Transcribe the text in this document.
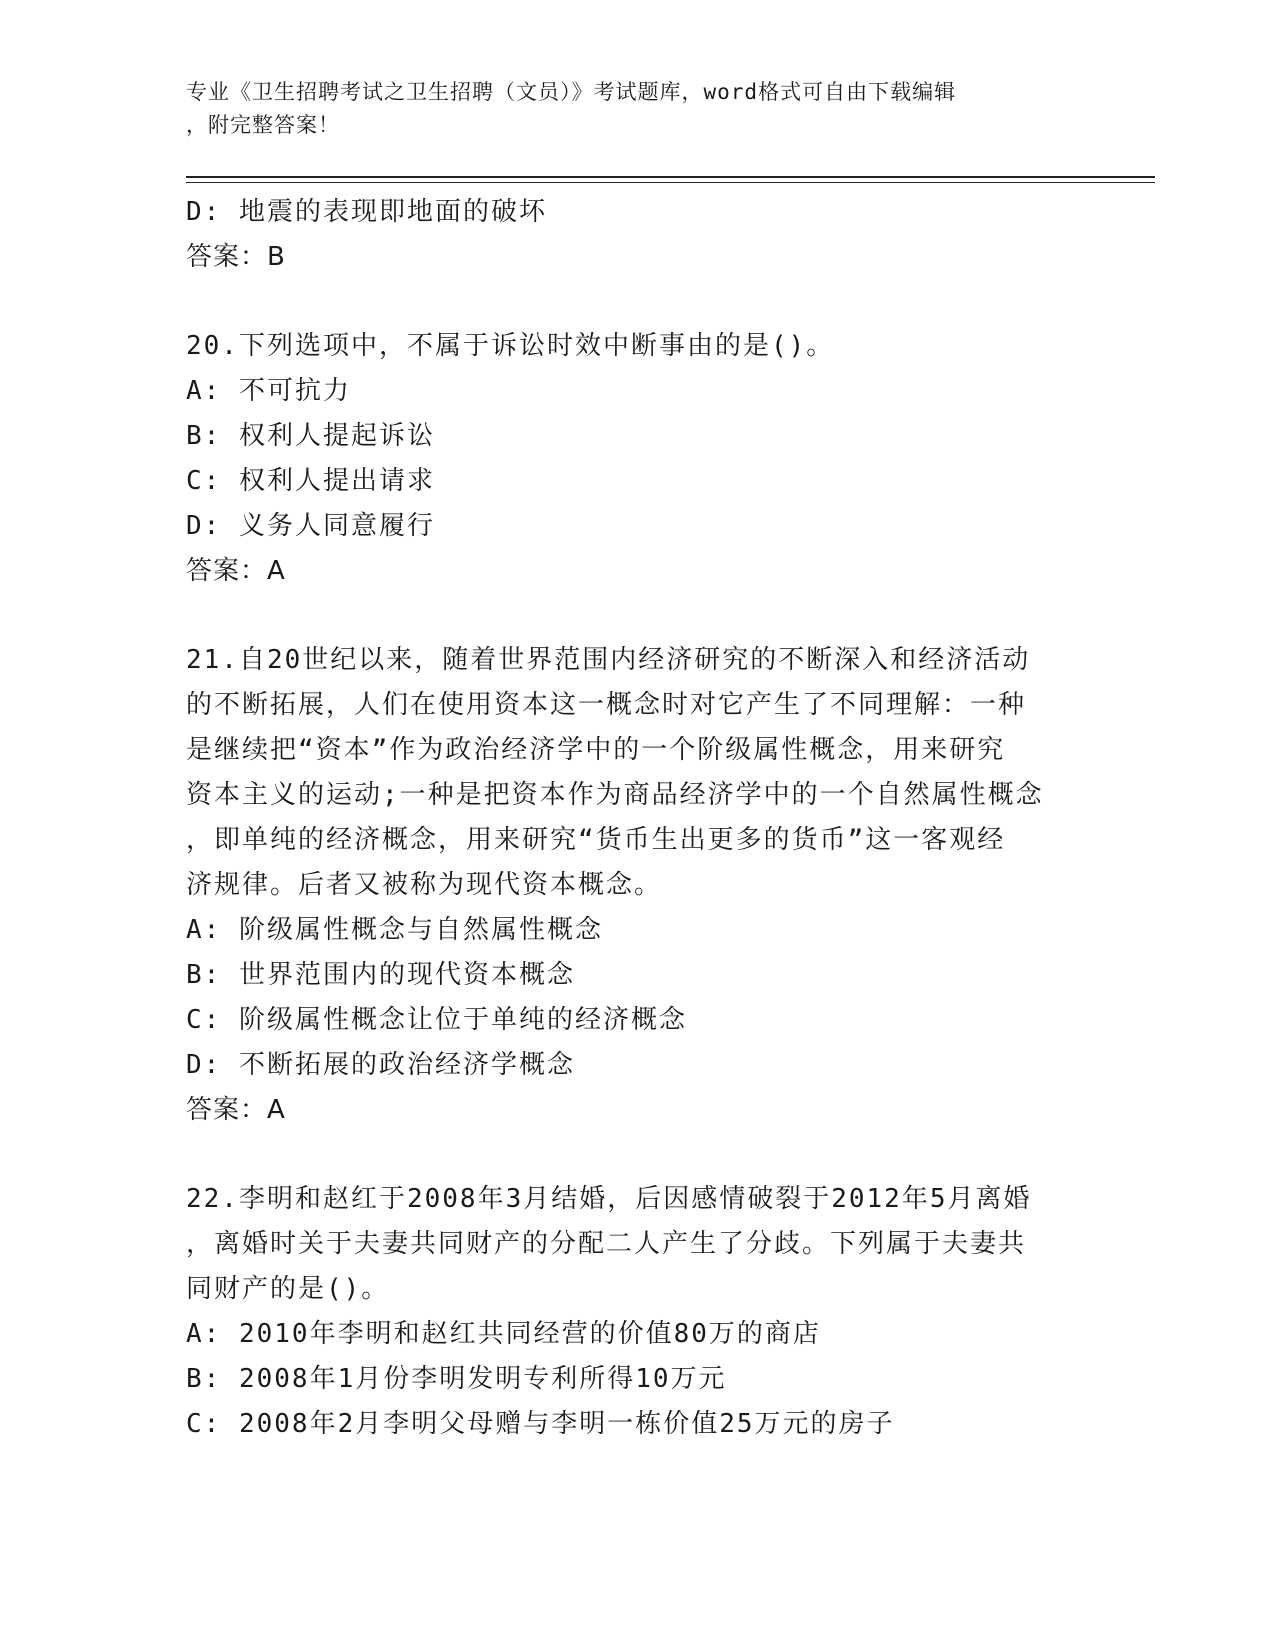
专业《卫生招聘考试之卫生招聘（文员）》考试题库，word格式可自由下载编辑
，附完整答案！
D: 地震的表现即地面的破坏
答案：B
20.下列选项中，不属于诉讼时效中断事由的是()。
A: 不可抗力
B: 权利人提起诉讼
C: 权利人提出请求
D: 义务人同意履行
答案：A
21.自20世纪以来，随着世界范围内经济研究的不断深入和经济活动
的不断拓展，人们在使用资本这一概念时对它产生了不同理解：一种
是继续把“资本”作为政治经济学中的一个阶级属性概念，用来研究
资本主义的运动;一种是把资本作为商品经济学中的一个自然属性概念
，即单纯的经济概念，用来研究“货币生出更多的货币”这一客观经
济规律。后者又被称为现代资本概念。
A: 阶级属性概念与自然属性概念
B: 世界范围内的现代资本概念
C: 阶级属性概念让位于单纯的经济概念
D: 不断拓展的政治经济学概念
答案：A
22.李明和赵红于2008年3月结婚，后因感情破裂于2012年5月离婚
，离婚时关于夫妻共同财产的分配二人产生了分歧。下列属于夫妻共
同财产的是()。
A: 2010年李明和赵红共同经营的价值80万的商店
B: 2008年1月份李明发明专利所得10万元
C: 2008年2月李明父母赠与李明一栋价值25万元的房子
